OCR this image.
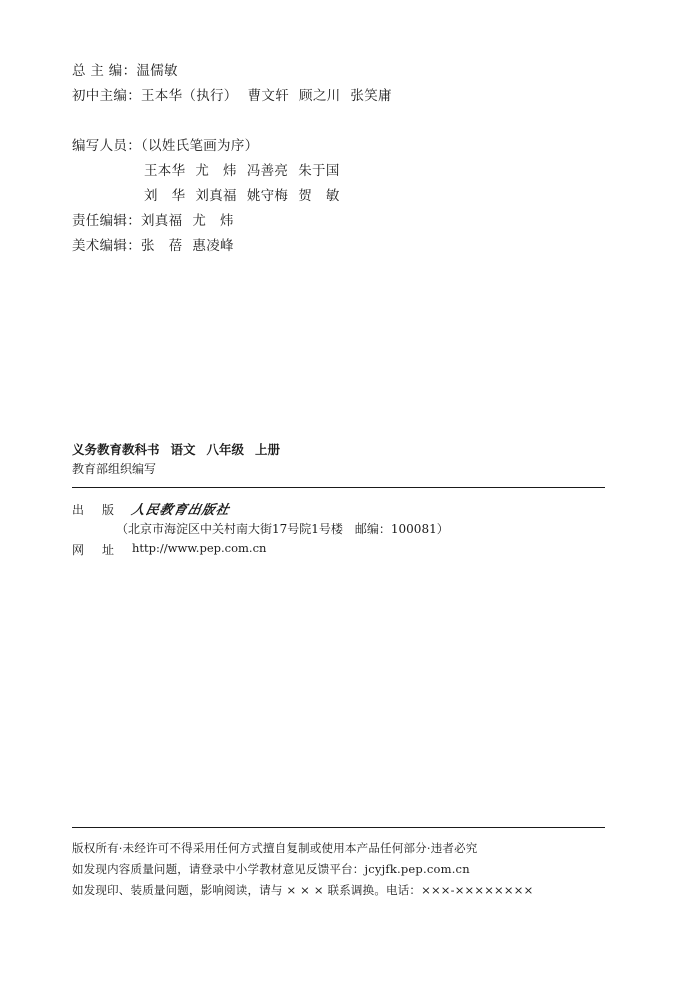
总 主 编：温儒敏
初中主编：王本华（执行） 曹文轩 顾之川 张笑庸
编写人员：（以姓氏笔画为序）
王本华 尤　炜 冯善亮 朱于国
刘　华 刘真福 姚守梅 贺　敏
责任编辑：刘真福 尤　炜
美术编辑：张　蓓 惠凌峰
义务教育教科书 语文 八年级 上册
教育部组织编写
出 版 人民教育出版社
（北京市海淀区中关村南大街17号院1号楼　邮编：100081）
网 址 http://www.pep.com.cn
版权所有·未经许可不得采用任何方式擅自复制或使用本产品任何部分·违者必究
如发现内容质量问题，请登录中小学教材意见反馈平台：jcyjfk.pep.com.cn
如发现印、装质量问题，影响阅读，请与 × × × 联系调换。电话：×××-××××××××
